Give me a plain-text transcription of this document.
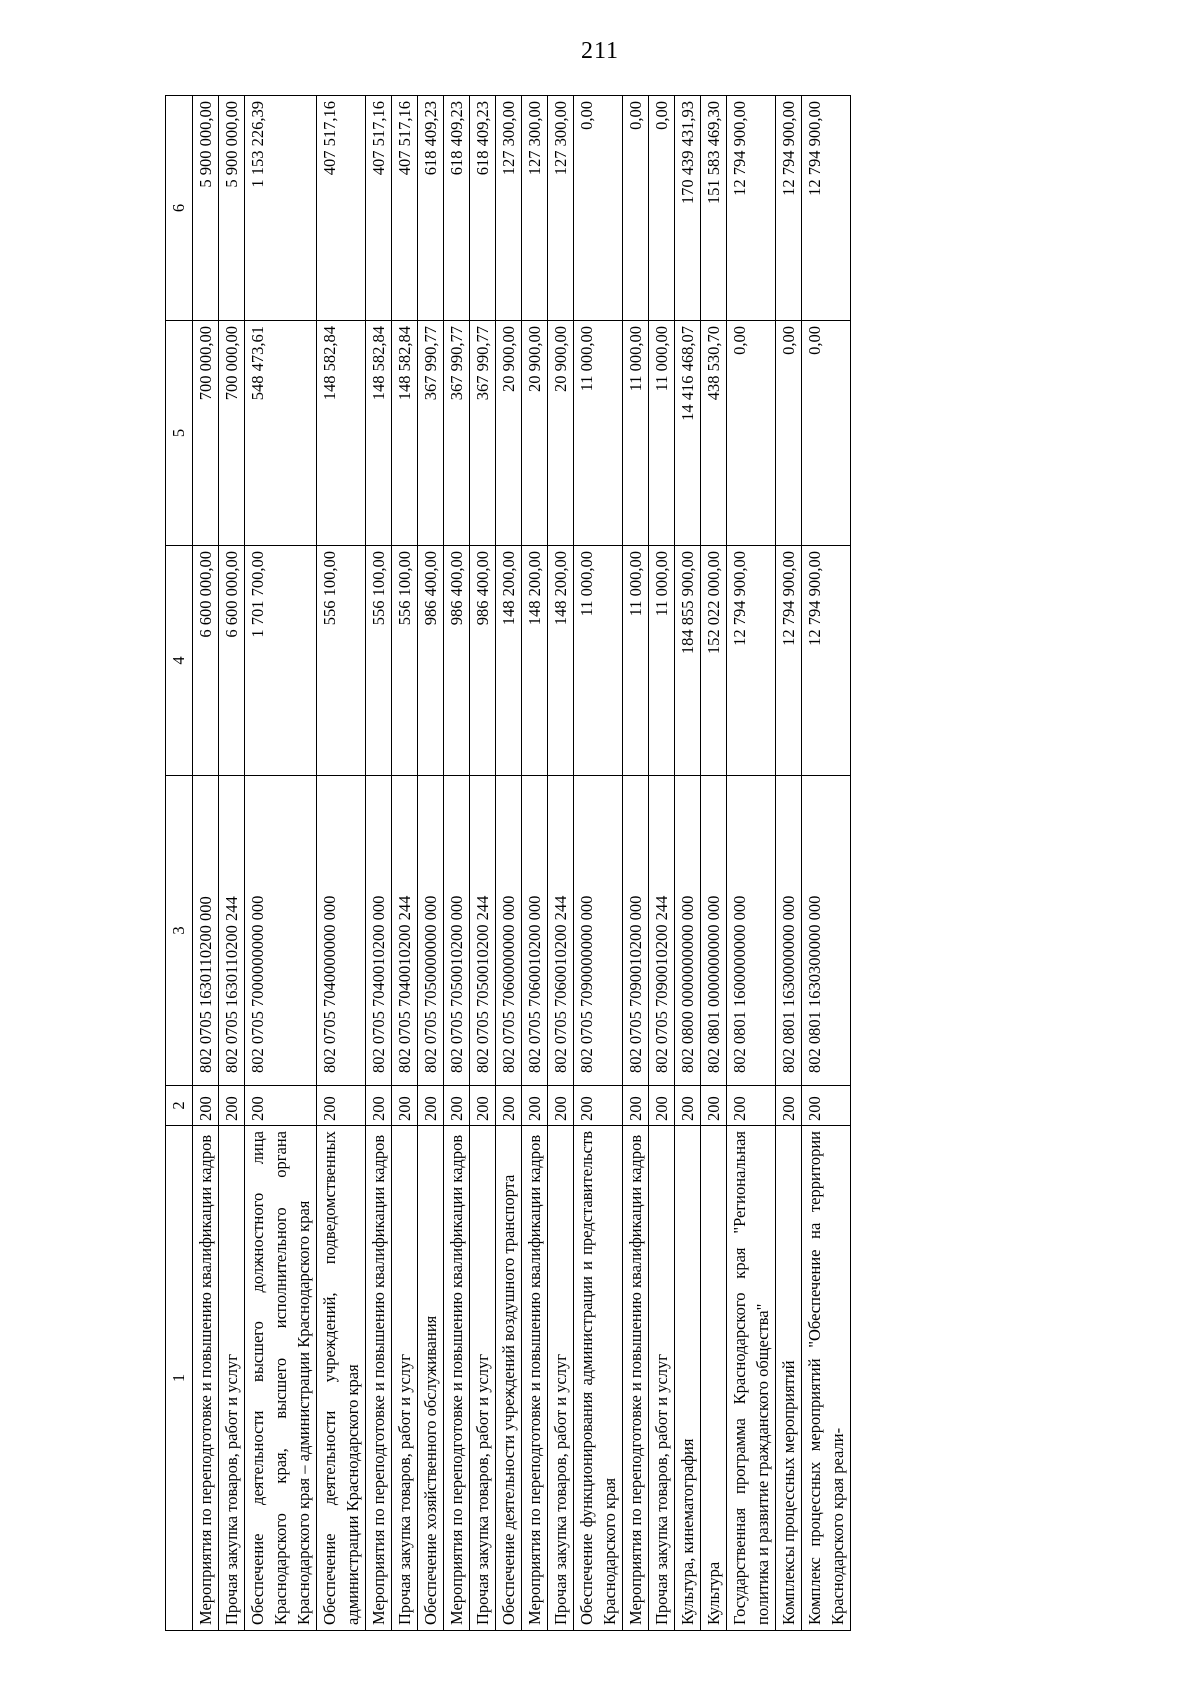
211
1	2	3	4	5	6
Мероприятия по переподготовке и повышению квалификации кадров	200	802 0705 1630110200 000	6 600 000,00	700 000,00	5 900 000,00
Прочая закупка товаров, работ и услуг	200	802 0705 1630110200 244	6 600 000,00	700 000,00	5 900 000,00
Обеспечение деятельности высшего должностного лица Краснодарского края, высшего исполнительного органа Краснодарского края – администрации Краснодарского края	200	802 0705 7000000000 000	1 701 700,00	548 473,61	1 153 226,39
Обеспечение деятельности учреждений, подведомственных администрации Краснодарского края	200	802 0705 7040000000 000	556 100,00	148 582,84	407 517,16
Мероприятия по переподготовке и повышению квалификации кадров	200	802 0705 7040010200 000	556 100,00	148 582,84	407 517,16
Прочая закупка товаров, работ и услуг	200	802 0705 7040010200 244	556 100,00	148 582,84	407 517,16
Обеспечение хозяйственного обслуживания	200	802 0705 7050000000 000	986 400,00	367 990,77	618 409,23
Мероприятия по переподготовке и повышению квалификации кадров	200	802 0705 7050010200 000	986 400,00	367 990,77	618 409,23
Прочая закупка товаров, работ и услуг	200	802 0705 7050010200 244	986 400,00	367 990,77	618 409,23
Обеспечение деятельности учреждений воздушного транспорта	200	802 0705 7060000000 000	148 200,00	20 900,00	127 300,00
Мероприятия по переподготовке и повышению квалификации кадров	200	802 0705 7060010200 000	148 200,00	20 900,00	127 300,00
Прочая закупка товаров, работ и услуг	200	802 0705 7060010200 244	148 200,00	20 900,00	127 300,00
Обеспечение функционирования администрации и представительств Краснодарского края	200	802 0705 7090000000 000	11 000,00	11 000,00	0,00
Мероприятия по переподготовке и повышению квалификации кадров	200	802 0705 7090010200 000	11 000,00	11 000,00	0,00
Прочая закупка товаров, работ и услуг	200	802 0705 7090010200 244	11 000,00	11 000,00	0,00
Культура, кинематография	200	802 0800 0000000000 000	184 855 900,00	14 416 468,07	170 439 431,93
Культура	200	802 0801 0000000000 000	152 022 000,00	438 530,70	151 583 469,30
Государственная программа Краснодарского края "Региональная политика и развитие гражданского общества"	200	802 0801 1600000000 000	12 794 900,00	0,00	12 794 900,00
Комплексы процессных мероприятий	200	802 0801 1630000000 000	12 794 900,00	0,00	12 794 900,00
Комплекс процессных мероприятий "Обеспечение на территории Краснодарского края реали-	200	802 0801 1630300000 000	12 794 900,00	0,00	12 794 900,00
